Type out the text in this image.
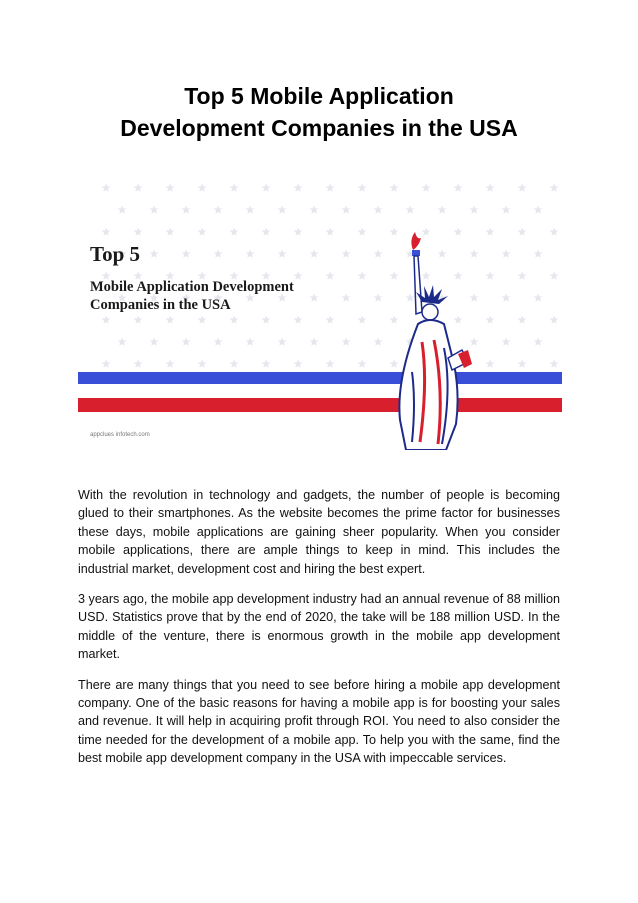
Top 5 Mobile Application
Development Companies in the USA
Top 5
Mobile Application Development
Companies in the USA
appclues infotech.com

With the revolution in technology and gadgets, the number of people is becoming glued to their smartphones. As the website becomes the prime factor for businesses these days, mobile applications are gaining sheer popularity. When you consider mobile applications, there are ample things to keep in mind. This includes the industrial market, development cost and hiring the best expert.

3 years ago, the mobile app development industry had an annual revenue of 88 million USD. Statistics prove that by the end of 2020, the take will be 188 million USD. In the middle of the venture, there is enormous growth in the mobile app development market.

There are many things that you need to see before hiring a mobile app development company. One of the basic reasons for having a mobile app is for boosting your sales and revenue. It will help in acquiring profit through ROI. You need to also consider the time needed for the development of a mobile app. To help you with the same, find the best mobile app development company in the USA with impeccable services.
